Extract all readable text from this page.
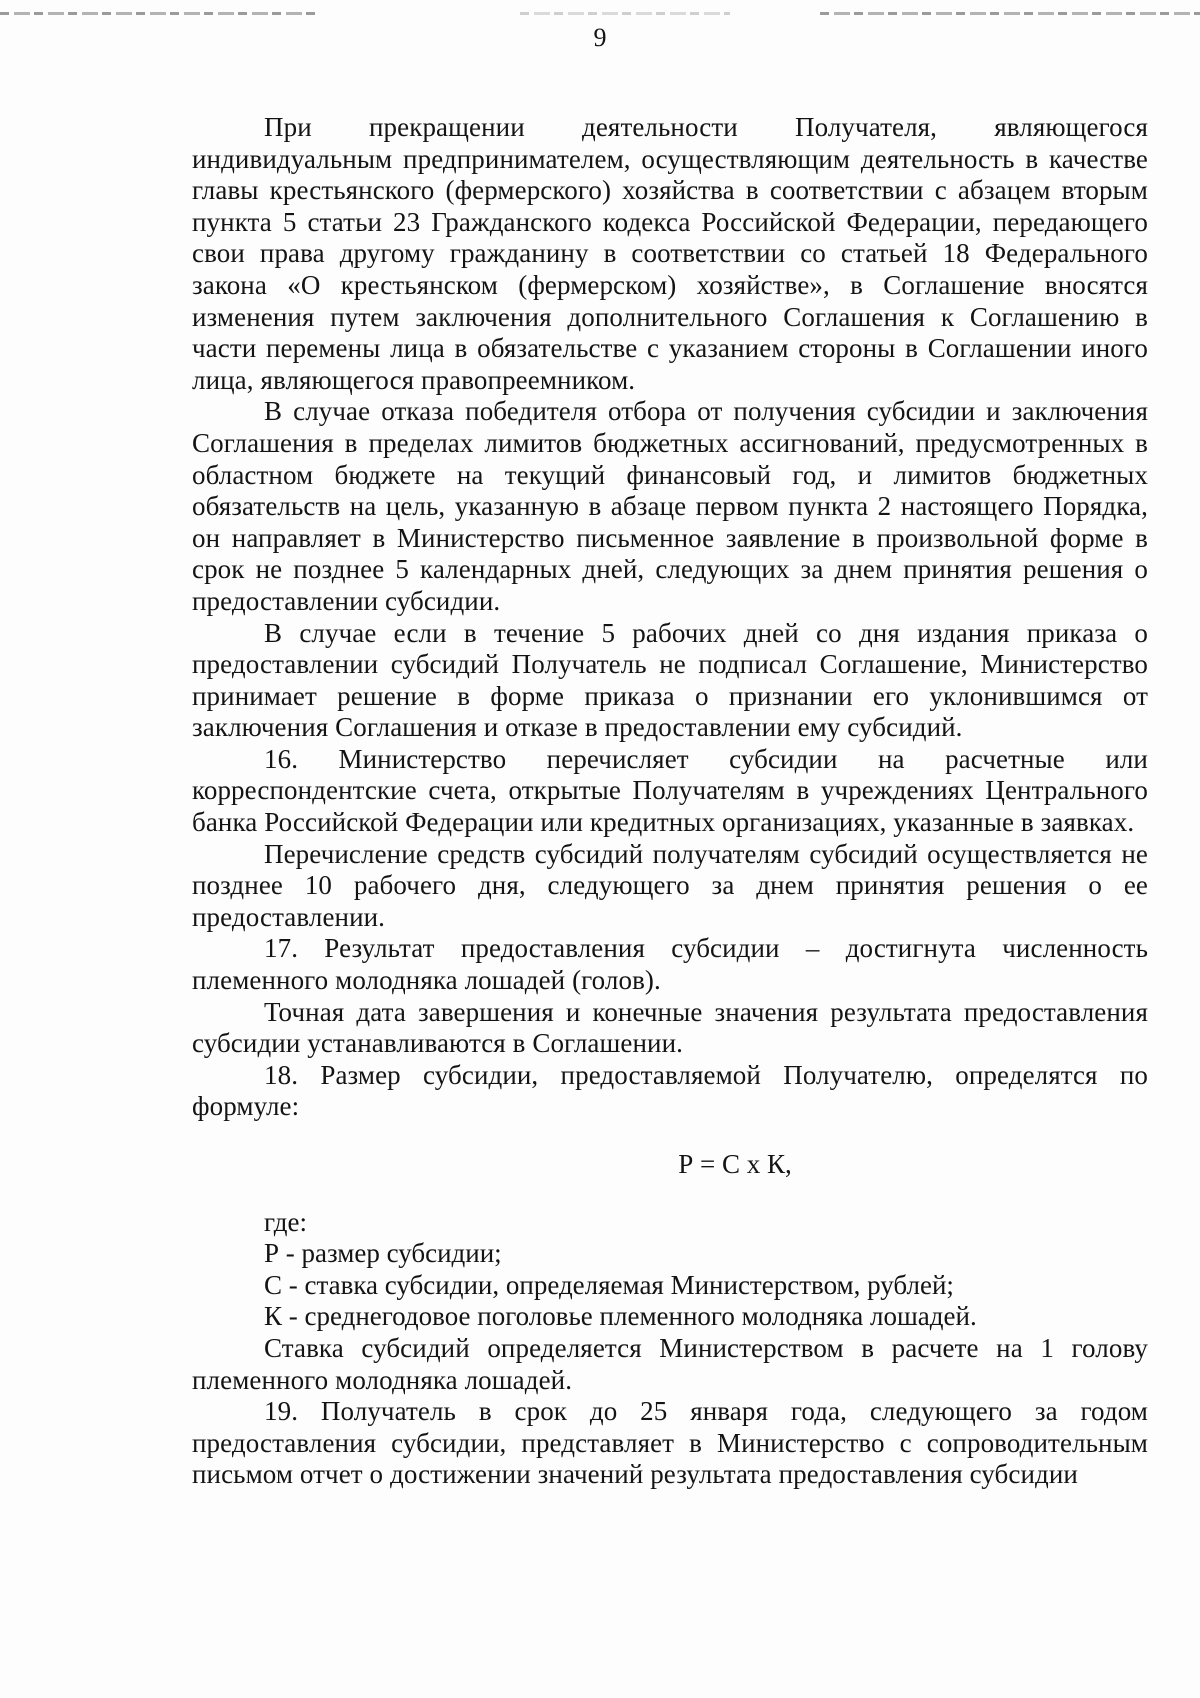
9

При прекращении деятельности Получателя, являющегося индивидуальным предпринимателем, осуществляющим деятельность в качестве главы крестьянского (фермерского) хозяйства в соответствии с абзацем вторым пункта 5 статьи 23 Гражданского кодекса Российской Федерации, передающего свои права другому гражданину в соответствии со статьей 18 Федерального закона «О крестьянском (фермерском) хозяйстве», в Соглашение вносятся изменения путем заключения дополнительного Соглашения к Соглашению в части перемены лица в обязательстве с указанием стороны в Соглашении иного лица, являющегося правопреемником.

В случае отказа победителя отбора от получения субсидии и заключения Соглашения в пределах лимитов бюджетных ассигнований, предусмотренных в областном бюджете на текущий финансовый год, и лимитов бюджетных обязательств на цель, указанную в абзаце первом пункта 2 настоящего Порядка, он направляет в Министерство письменное заявление в произвольной форме в срок не позднее 5 календарных дней, следующих за днем принятия решения о предоставлении субсидии.

В случае если в течение 5 рабочих дней со дня издания приказа о предоставлении субсидий Получатель не подписал Соглашение, Министерство принимает решение в форме приказа о признании его уклонившимся от заключения Соглашения и отказе в предоставлении ему субсидий.

16. Министерство перечисляет субсидии на расчетные или корреспондентские счета, открытые Получателям в учреждениях Центрального банка Российской Федерации или кредитных организациях, указанные в заявках.

Перечисление средств субсидий получателям субсидий осуществляется не позднее 10 рабочего дня, следующего за днем принятия решения о ее предоставлении.

17. Результат предоставления субсидии – достигнута численность племенного молодняка лошадей (голов).

Точная дата завершения и конечные значения результата предоставления субсидии устанавливаются в Соглашении.

18. Размер субсидии, предоставляемой Получателю, определятся по формуле:

Р = С х К,

где:

Р - размер субсидии;

С - ставка субсидии, определяемая Министерством, рублей;

К - среднегодовое поголовье племенного молодняка лошадей.

Ставка субсидий определяется Министерством в расчете на 1 голову племенного молодняка лошадей.

19. Получатель в срок до 25 января года, следующего за годом предоставления субсидии, представляет в Министерство с сопроводительным письмом отчет о достижении значений результата предоставления субсидии
